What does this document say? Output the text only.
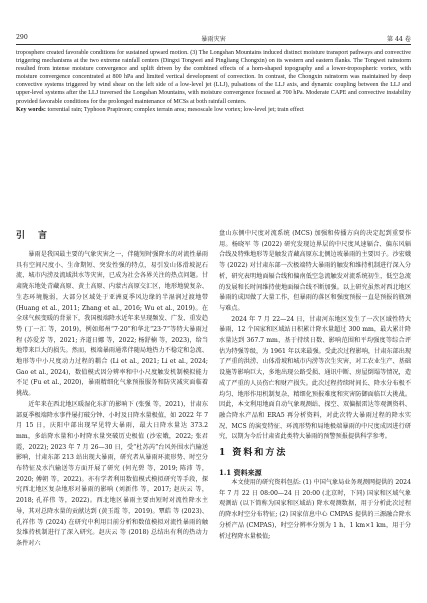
290	暴雨灾害	第 44 卷
troposphere created favorable conditions for sustained upward motion. (3) The Longshan Mountains induced distinct moisture transport pathways and convective triggering mechanisms at the two extreme rainfall centers (Dingxi Tongwei and Pingliang Chongxin) on its western and eastern flanks. The Tongwei rainstorm resulted from intense moisture convergence and uplift driven by the combined effects of a horn-shaped topography and a lower-tropospheric vortex, with moisture convergence concentrated at 800 hPa and limited vertical development of convection. In contrast, the Chongxin rainstorm was maintained by deep convective systems triggered by wind shear on the left side of a low-level jet (LLJ), pulsations of the LLJ axis, and dynamic coupling between the LLJ and upper-level systems after the LLJ traversed the Longshan Mountains, with moisture convergence focused at 700 hPa. Moderate CAPE and convective instability provided favorable conditions for the prolonged maintenance of MCSs at both rainfall centers.
Key words: torrential rain; Typhoon Prapiroon; complex terrain area; mesoscale low vortex; low-level jet; train effect
引　言

暴雨是我国最主要的气象灾害之一，伴随短时强降水的对流性暴雨具有空间尺度小、生命期短、突发性强的特点，易引发山体滑坡泥石流、城市内涝及流域洪水等灾害，已成为社会各界关注的热点问题。甘肃陇东地处青藏高原、黄土高原、内蒙古高原交汇区，地形地貌复杂、生态环境脆弱，大部分区域处于亚洲夏季风边缘的半湿润过渡地带 (Huang et al., 2011; Zhang et al., 2016; Wu et al., 2019)。在全球气候变暖的背景下，我国极端降水近年来呈现频发、广发、重发趋势 (丁一汇 等，2019)，例如郑州“7·20”和华北“23·7”等特大暴雨过程 (苏爱芳 等，2021; 齐道日娜 等，2022; 杨舒楠 等，2023)，给当地带来巨大的损失。然而，极端暴雨通常伴随局地热力不稳定和急流、地形等中小尺度动力过程的耦合 (Li et al., 2021; Li et al., 2024; Gao et al., 2024)，数值模式因分辨率和中小尺度触发机制模拟能力不足 (Fu et al., 2020)，暴雨精细化气象预报服务和防灾减灾面临着挑战。

近年来在西北地区暖湿化东扩的影响下 (张强 等，2021)，甘肃东部夏季极端降水事件屡打破分钟、小时及日降水量极值，如 2022 年 7 月 15 日，庆阳中部出现罕见特大暴雨，最大日降水量达 373.2 mm，多站降水量和小时降水量突破历史极值 (沙宏娥，2022; 张君霞，2022); 2023 年 7 月 26—30 日，受“杜苏芮”台风外围水汽输送影响，甘肃东部 213 站出现大暴雨，研究者从暴雨环流形势、时空分布特征及水汽输送等方面开展了研究 (何光碧 等，2019; 陈沛 等，2020; 傅朝 等，2022)。亦有学者利用数值模式模拟研究等手段，探究西北地区复杂地形对暴雨的影响 (刘新伟 等，2017; 赵庆云 等，2018; 孔祥伟 等，2022)。西北地区暴雨主要由短时对流性降水主导，其对总降水量的贡献达到 (黄玉霞 等，2019)。覃皓 等 (2023)、孔祥伟 等 (2024) 在研究中利用目前分析和数值模拟对流性暴雨的触发维持机制进行了深入研究。赵庆云 等 (2018) 总结出有利的热动力条件对六

盘山东侧中尺度对流系统 (MCS) 加强和传播方向的决定起到重要作用。杨晓军 等 (2022) 研究发现边界层的中尺度风速辐合、偏东风辐合线及特殊地形等是触发青藏高原东北侧边坡暴雨的主要因子。沙宏娥 等 (2022) 对甘肃东部一次极端特大暴雨的触发和维持机制进行深入分析，研究表明地面辐合线和偏南低空急流触发对流系统初生，低空急流的发展和长时间维持使地面辐合线不断加强。以上研究虽然对西北地区暴雨的成因做了大量工作，但暴雨的落区和强度预报一直是预报的瓶颈与难点。

2024 年 7 月 22—24 日，甘肃河东地区发生了一次区域性特大暴雨，12 个国家和区域站日积累计降水量超过 300 mm，最大累计降水量达到 367.7 mm，基于持续日数、影响范围和平均强度等综合评估为特强等级，为 1961 年以来最强。受此次过程影响，甘肃东部出现了严重的洪涝、山体滑坡和城市内涝等次生灾害，对工农业生产、基础设施等影响巨大，多地出现公路受损、通讯中断、房屋倒塌等情况，造成了严重的人员伤亡和财产损失。此次过程持续时间长、降水分布极不均匀、地形作用机制复杂，精细化预报难度和灾害防御面临巨大挑战。因此，本文利用地面自动气象观测站、探空、双偏振雷达等观测资料、融合降水产品和 ERA5 再分析资料，对此次特大暴雨过程的降水实况、MCS 的演变特征、环流形势和局地极端暴雨的中尺度成因进行研究，以期为今后甘肃省此类特大暴雨的预警预报提供科学参考。

1 资料和方法
1.1 资料来源

本文使用的研究资料包括: (1) 中国气象局业务观测网提供的 2024 年 7 月 22 日 08:00—24 日 20:00 (北京时，下同) 国家和区域气象观测站 (以下简称为国家和区域站) 降水观测数据，用于分析此次过程的降水时空分布特征; (2) 国家信息中心 CMPAS 提供的三源融合降水分析产品 (CMPAS)，时空分辨率分别为 1 h、1 km×1 km，用于分析过程降水量极值;
